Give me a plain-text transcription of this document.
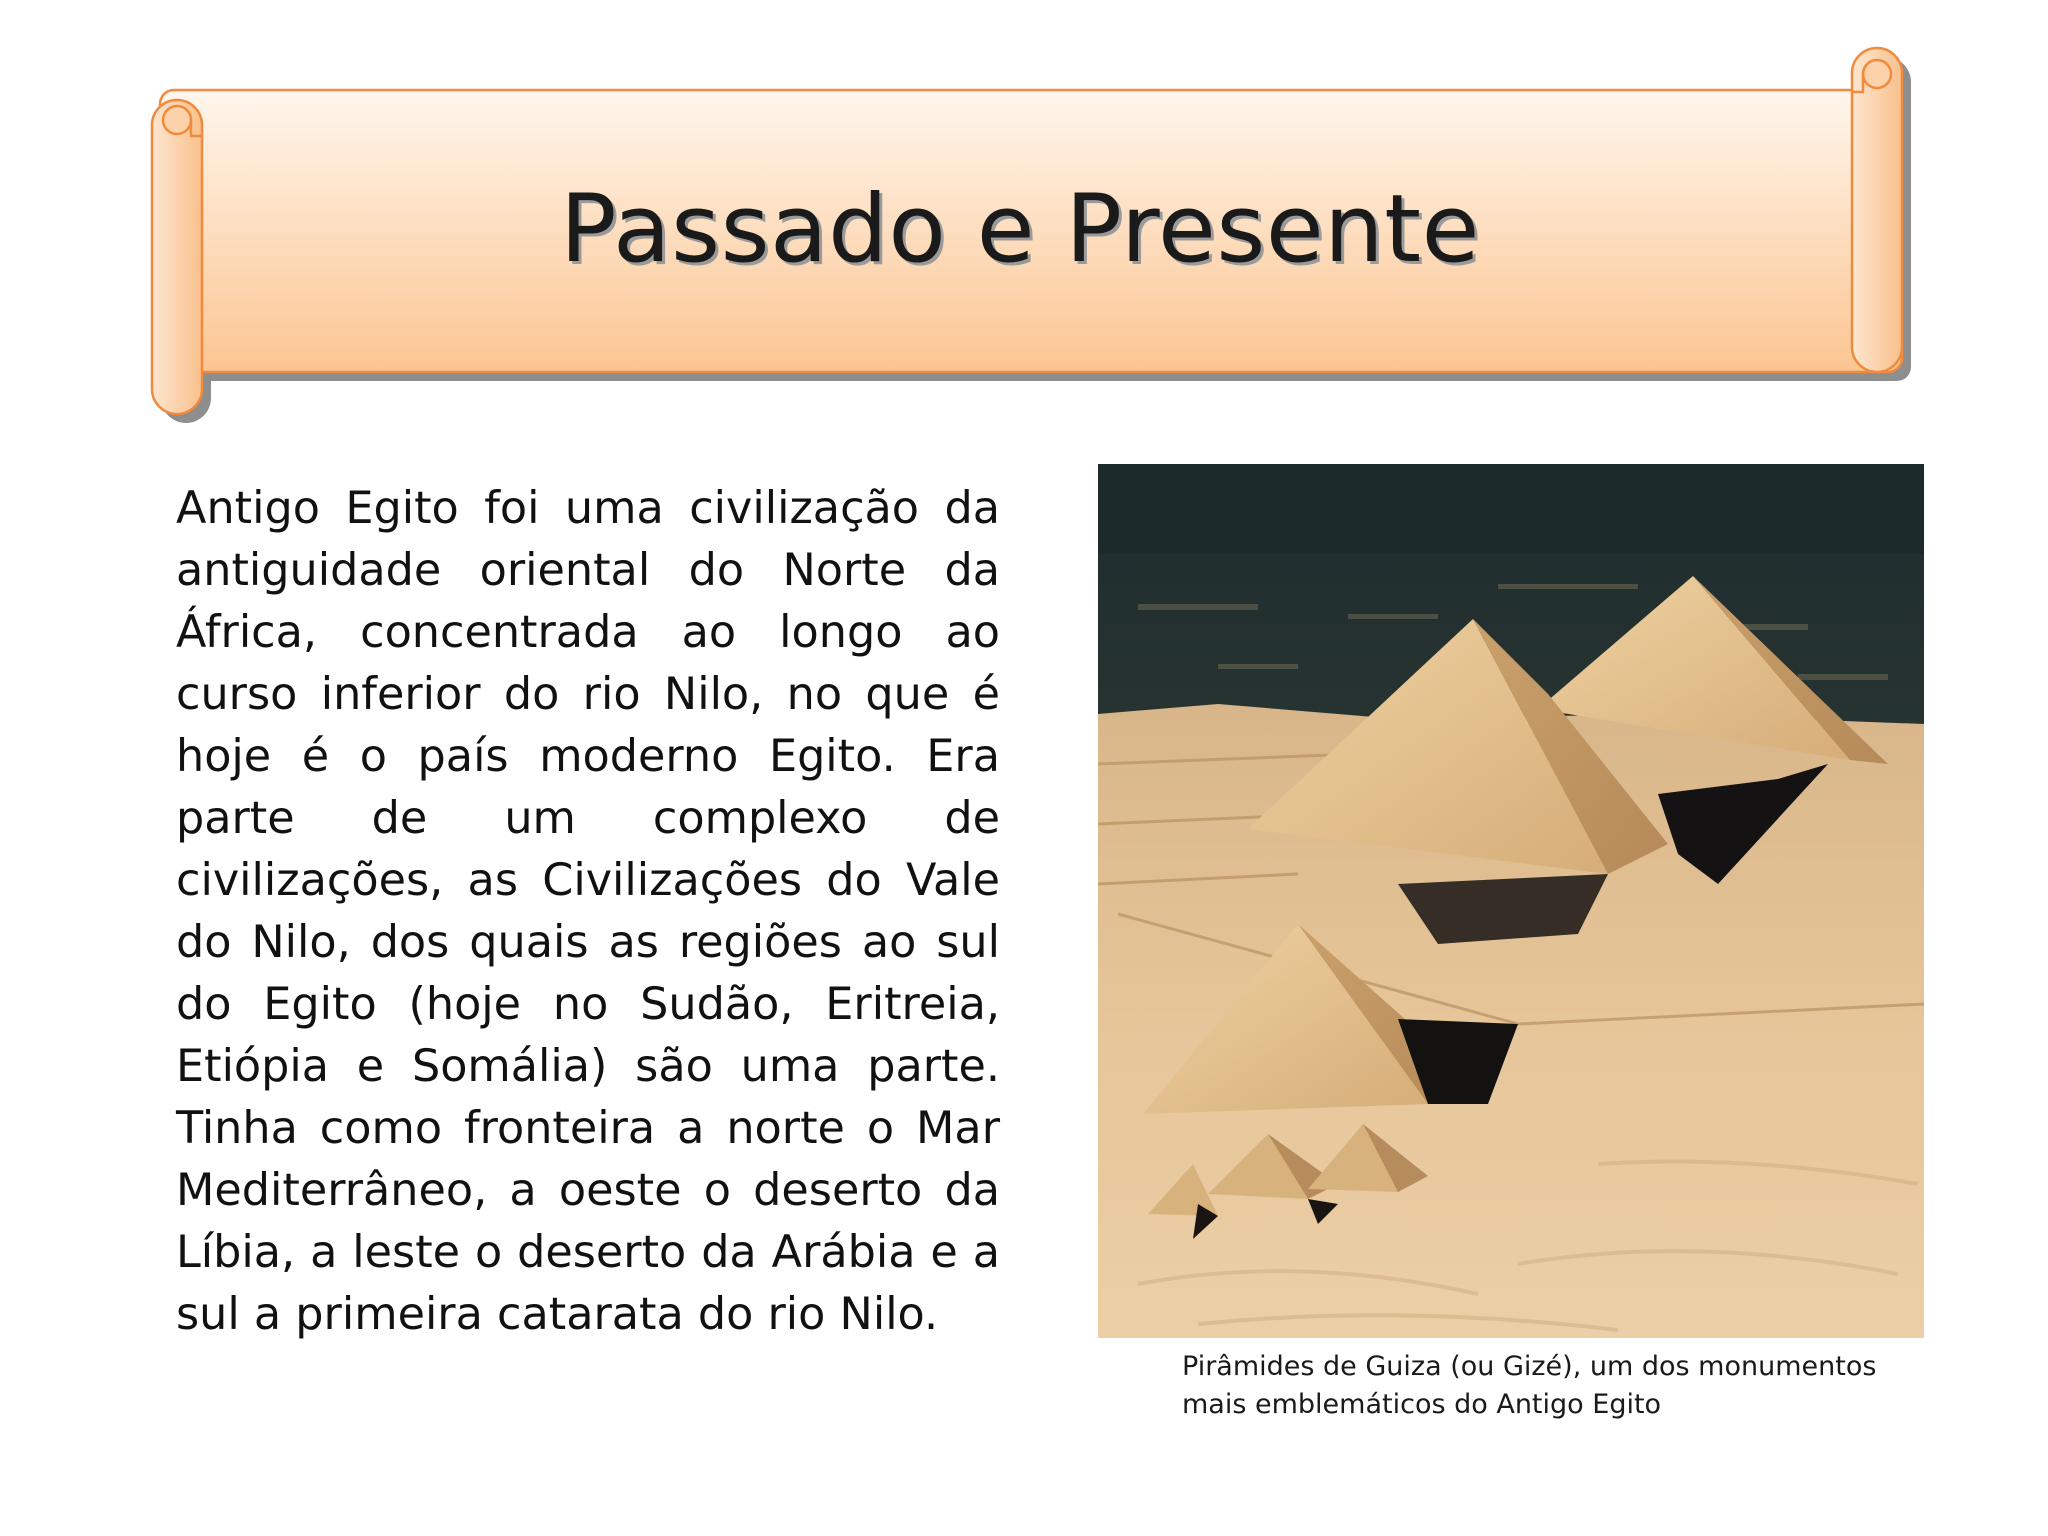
Passado e Presente

Antigo Egito foi uma civilização da antiguidade oriental do Norte da África, concentrada ao longo ao curso inferior do rio Nilo, no que é hoje é o país moderno Egito. Era parte de um complexo de civilizações, as Civilizações do Vale do Nilo, dos quais as regiões ao sul do Egito (hoje no Sudão, Eritreia, Etiópia e Somália) são uma parte. Tinha como fronteira a norte o Mar Mediterrâneo, a oeste o deserto da Líbia, a leste o deserto da Arábia e a sul a primeira catarata do rio Nilo.

Pirâmides de Guiza (ou Gizé), um dos monumentos mais emblemáticos do Antigo Egito
